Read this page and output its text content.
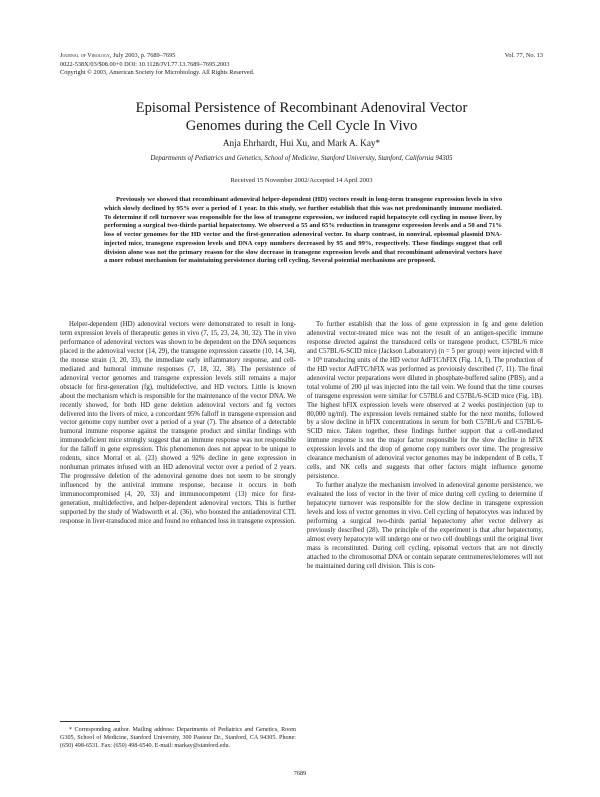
Journal of Virology, July 2003, p. 7689–7695
0022-538X/03/$08.00+0 DOI: 10.1128/JVI.77.13.7689–7695.2003
Copyright © 2003, American Society for Microbiology. All Rights Reserved.
Vol. 77, No. 13
Episomal Persistence of Recombinant Adenoviral Vector
Genomes during the Cell Cycle In Vivo
Anja Ehrhardt, Hui Xu, and Mark A. Kay*
Departments of Pediatrics and Genetics, School of Medicine, Stanford University, Stanford, California 94305
Received 15 November 2002/Accepted 14 April 2003
Previously we showed that recombinant adenoviral helper-dependent (HD) vectors result in long-term transgene expression levels in vivo which slowly declined by 95% over a period of 1 year. In this study, we further establish that this was not predominantly immune mediated. To determine if cell turnover was responsible for the loss of transgene expression, we induced rapid hepatocyte cell cycling in mouse liver, by performing a surgical two-thirds partial hepatectomy. We observed a 55 and 65% reduction in transgene expression levels and a 50 and 71% loss of vector genomes for the HD vector and the first-generation adenoviral vector. In sharp contrast, in nonviral, episomal plasmid DNA-injected mice, transgene expression levels and DNA copy numbers decreased by 95 and 99%, respectively. These findings suggest that cell division alone was not the primary reason for the slow decrease in transgene expression levels and that recombinant adenoviral vectors have a more robust mechanism for maintaining persistence during cell cycling. Several potential mechanisms are proposed.

Helper-dependent (HD) adenoviral vectors were demonstrated to result in long-term expression levels of therapeutic genes in vivo (7, 15, 23, 24, 30, 32). The in vivo performance of adenoviral vectors was shown to be dependent on the DNA sequences placed in the adenoviral vector (14, 29), the transgene expression cassette (10, 14, 34), the mouse strain (3, 20, 33), the immediate early inflammatory response, and cell-mediated and humoral immune responses (7, 18, 32, 38). The persistence of adenoviral vector genomes and transgene expression levels still remains a major obstacle for first-generation (fg), multidefective, and HD vectors. Little is known about the mechanism which is responsible for the maintenance of the vector DNA. We recently showed, for both HD gene deletion adenoviral vectors and fg vectors delivered into the livers of mice, a concordant 95% falloff in transgene expression and vector genome copy number over a period of a year (7). The absence of a detectable humoral immune response against the transgene product and similar findings with immunodeficient mice strongly suggest that an immune response was not responsible for the falloff in gene expression. This phenomenon does not appear to be unique to rodents, since Morral et al. (23) showed a 92% decline in gene expression in nonhuman primates infused with an HD adenoviral vector over a period of 2 years. The progressive deletion of the adenoviral genome does not seem to be strongly influenced by the antiviral immune response, because it occurs in both immunocompromised (4, 20, 33) and immunocompetent (13) mice for first-generation, multidefective, and helper-dependent adenoviral vectors. This is further supported by the study of Wadsworth et al. (36), who boosted the antiadenoviral CTL response in liver-transduced mice and found no enhanced loss in transgene expression.

To further establish that the loss of gene expression in fg and gene deletion adenoviral vector-treated mice was not the result of an antigen-specific immune response directed against the transduced cells or transgene product, C57BL/6 mice and C57BL/6-SCID mice (Jackson Laboratory) (n = 5 per group) were injected with 8 × 10⁹ transducing units of the HD vector AdFTC/hFIX (Fig. 1A, I). The production of the HD vector AdFTC/hFIX was performed as previously described (7, 11). The final adenoviral vector preparations were diluted in phosphate-buffered saline (PBS), and a total volume of 200 µl was injected into the tail vein. We found that the time courses of transgene expression were similar for C57BL6 and C57BL/6-SCID mice (Fig. 1B). The highest hFIX expression levels were observed at 2 weeks postinjection (up to 80,000 ng/ml). The expression levels remained stable for the next months, followed by a slow decline in hFIX concentrations in serum for both C57BL/6 and C57BL/6-SCID mice. Taken together, these findings further support that a cell-mediated immune response is not the major factor responsible for the slow decline in hFIX expression levels and the drop of genome copy numbers over time. The progressive clearance mechanism of adenoviral vector genomes may be independent of B cells, T cells, and NK cells and suggests that other factors might influence genome persistence.

To further analyze the mechanism involved in adenoviral genome persistence, we evaluated the loss of vector in the liver of mice during cell cycling to determine if hepatocyte turnover was responsible for the slow decline in transgene expression levels and loss of vector genomes in vivo. Cell cycling of hepatocytes was induced by performing a surgical two-thirds partial hepatectomy after vector delivery as previously described (28). The principle of the experiment is that after hepatectomy, almost every hepatocyte will undergo one or two cell doublings until the original liver mass is reconstituted. During cell cycling, episomal vectors that are not directly attached to the chromosomal DNA or contain separate centromeres/telomeres will not be maintained during cell division. This is con-

* Corresponding author. Mailing address: Departments of Pediatrics and Genetics, Room G305, School of Medicine, Stanford University, 300 Pasteur Dr., Stanford, CA 94305. Phone: (650) 498-6531. Fax: (650) 498-6540. E-mail: markay@stanford.edu.
7689
